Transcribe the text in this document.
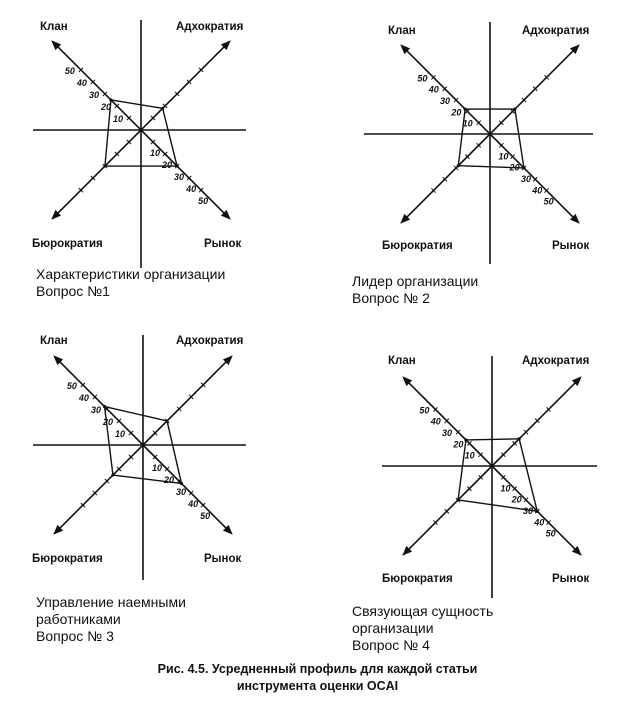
10
20
30
40
50
10
20
30
40
50
Клан	Адхократия
Бюрократия	Рынок
10
20
30
40
50
10
20
30
40
50
Клан	Адхократия
Бюрократия	Рынок
10
20
30
40
50
10
20
30
40
50
Клан	Адхократия
Бюрократия	Рынок
10
20
30
40
50
10
20
30
40
50
Клан	Адхократия
Бюрократия	Рынок
Характеристики организации
Вопрос №1
Лидер организации
Вопрос № 2
Управление наемными
работниками
Вопрос № 3
Связующая сущность
организации
Вопрос № 4
Рис. 4.5. Усредненный профиль для каждой статьи
инструмента оценки OCAI
